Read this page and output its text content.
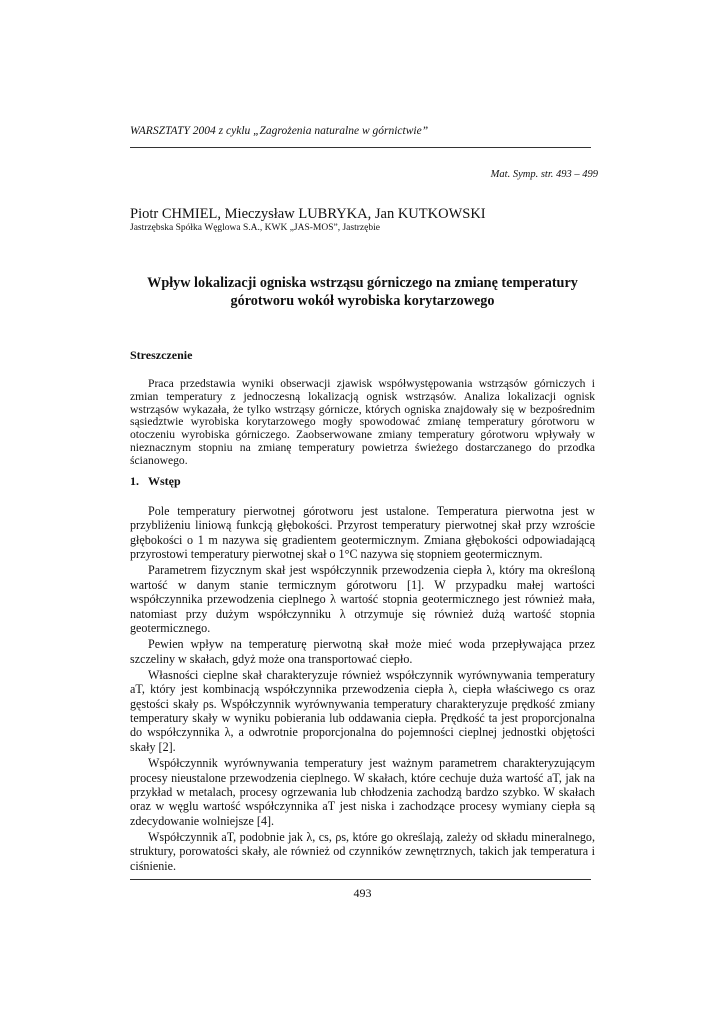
WARSZTATY 2004 z cyklu „Zagrożenia naturalne w górnictwie”
Mat. Symp. str. 493 – 499
Piotr CHMIEL, Mieczysław LUBRYKA, Jan KUTKOWSKI
Jastrzębska Spółka Węglowa S.A., KWK „JAS-MOS”, Jastrzębie
Wpływ lokalizacji ogniska wstrząsu górniczego na zmianę temperatury
górotworu wokół wyrobiska korytarzowego
Streszczenie

Praca przedstawia wyniki obserwacji zjawisk współwystępowania wstrząsów górniczych i zmian temperatury z jednoczesną lokalizacją ognisk wstrząsów. Analiza lokalizacji ognisk wstrząsów wykazała, że tylko wstrząsy górnicze, których ogniska znajdowały się w bezpośrednim sąsiedztwie wyrobiska korytarzowego mogły spowodować zmianę temperatury górotworu w otoczeniu wyrobiska górniczego. Zaobserwowane zmiany temperatury górotworu wpływały w nieznacznym stopniu na zmianę temperatury powietrza świeżego dostarczanego do przodka ścianowego.

1. Wstęp

Pole temperatury pierwotnej górotworu jest ustalone. Temperatura pierwotna jest w przybliżeniu liniową funkcją głębokości. Przyrost temperatury pierwotnej skał przy wzroście głębokości o 1 m nazywa się gradientem geotermicznym. Zmiana głębokości odpowiadającą przyrostowi temperatury pierwotnej skał o 1°C nazywa się stopniem geotermicznym.

Parametrem fizycznym skał jest współczynnik przewodzenia ciepła λ, który ma określoną wartość w danym stanie termicznym górotworu [1]. W przypadku małej wartości współczynnika przewodzenia cieplnego λ wartość stopnia geotermicznego jest również mała, natomiast przy dużym współczynniku λ otrzymuje się również dużą wartość stopnia geotermicznego.

Pewien wpływ na temperaturę pierwotną skał może mieć woda przepływająca przez szczeliny w skałach, gdyż może ona transportować ciepło.

Własności cieplne skał charakteryzuje również współczynnik wyrównywania temperatury aT, który jest kombinacją współczynnika przewodzenia ciepła λ, ciepła właściwego cs oraz gęstości skały ρs. Współczynnik wyrównywania temperatury charakteryzuje prędkość zmiany temperatury skały w wyniku pobierania lub oddawania ciepła. Prędkość ta jest proporcjonalna do współczynnika λ, a odwrotnie proporcjonalna do pojemności cieplnej jednostki objętości skały [2].

Współczynnik wyrównywania temperatury jest ważnym parametrem charakteryzującym procesy nieustalone przewodzenia cieplnego. W skałach, które cechuje duża wartość aT, jak na przykład w metalach, procesy ogrzewania lub chłodzenia zachodzą bardzo szybko. W skałach oraz w węglu wartość współczynnika aT jest niska i zachodzące procesy wymiany ciepła są zdecydowanie wolniejsze [4].

Współczynnik aT, podobnie jak λ, cs, ρs, które go określają, zależy od składu mineralnego, struktury, porowatości skały, ale również od czynników zewnętrznych, takich jak temperatura i ciśnienie.

493
